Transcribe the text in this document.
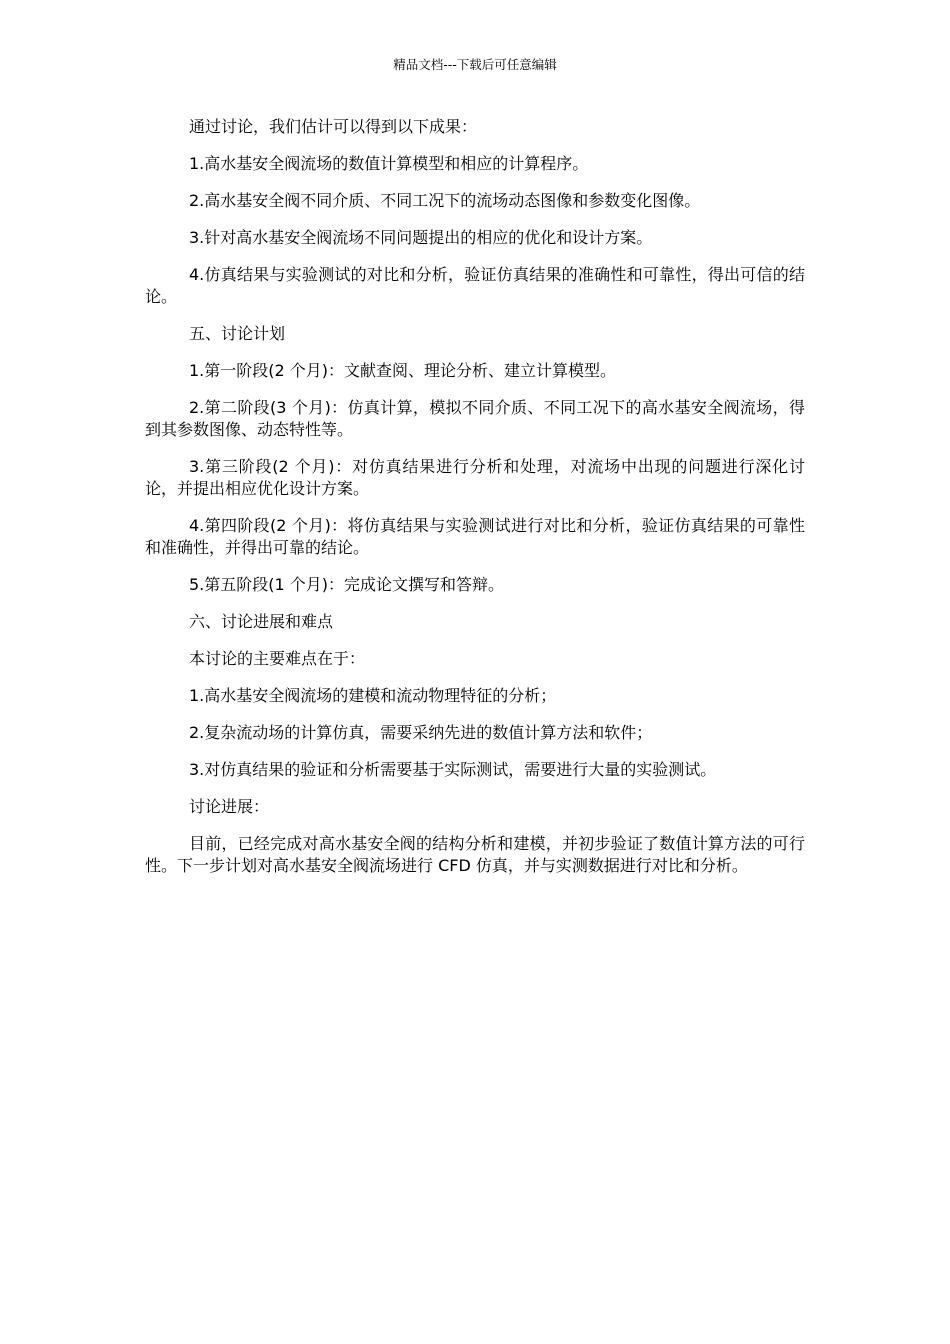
精品文档---下载后可任意编辑

通过讨论，我们估计可以得到以下成果：

1.高水基安全阀流场的数值计算模型和相应的计算程序。

2.高水基安全阀不同介质、不同工况下的流场动态图像和参数变化图像。

3.针对高水基安全阀流场不同问题提出的相应的优化和设计方案。

4.仿真结果与实验测试的对比和分析，验证仿真结果的准确性和可靠性，得出可信的结论。

五、讨论计划

1.第一阶段(2 个月)：文献查阅、理论分析、建立计算模型。

2.第二阶段(3 个月)：仿真计算，模拟不同介质、不同工况下的高水基安全阀流场，得到其参数图像、动态特性等。

3.第三阶段(2 个月)：对仿真结果进行分析和处理，对流场中出现的问题进行深化讨论，并提出相应优化设计方案。

4.第四阶段(2 个月)：将仿真结果与实验测试进行对比和分析，验证仿真结果的可靠性和准确性，并得出可靠的结论。

5.第五阶段(1 个月)：完成论文撰写和答辩。

六、讨论进展和难点

本讨论的主要难点在于：

1.高水基安全阀流场的建模和流动物理特征的分析；

2.复杂流动场的计算仿真，需要采纳先进的数值计算方法和软件；

3.对仿真结果的验证和分析需要基于实际测试，需要进行大量的实验测试。

讨论进展：

目前，已经完成对高水基安全阀的结构分析和建模，并初步验证了数值计算方法的可行性。下一步计划对高水基安全阀流场进行 CFD 仿真，并与实测数据进行对比和分析。
